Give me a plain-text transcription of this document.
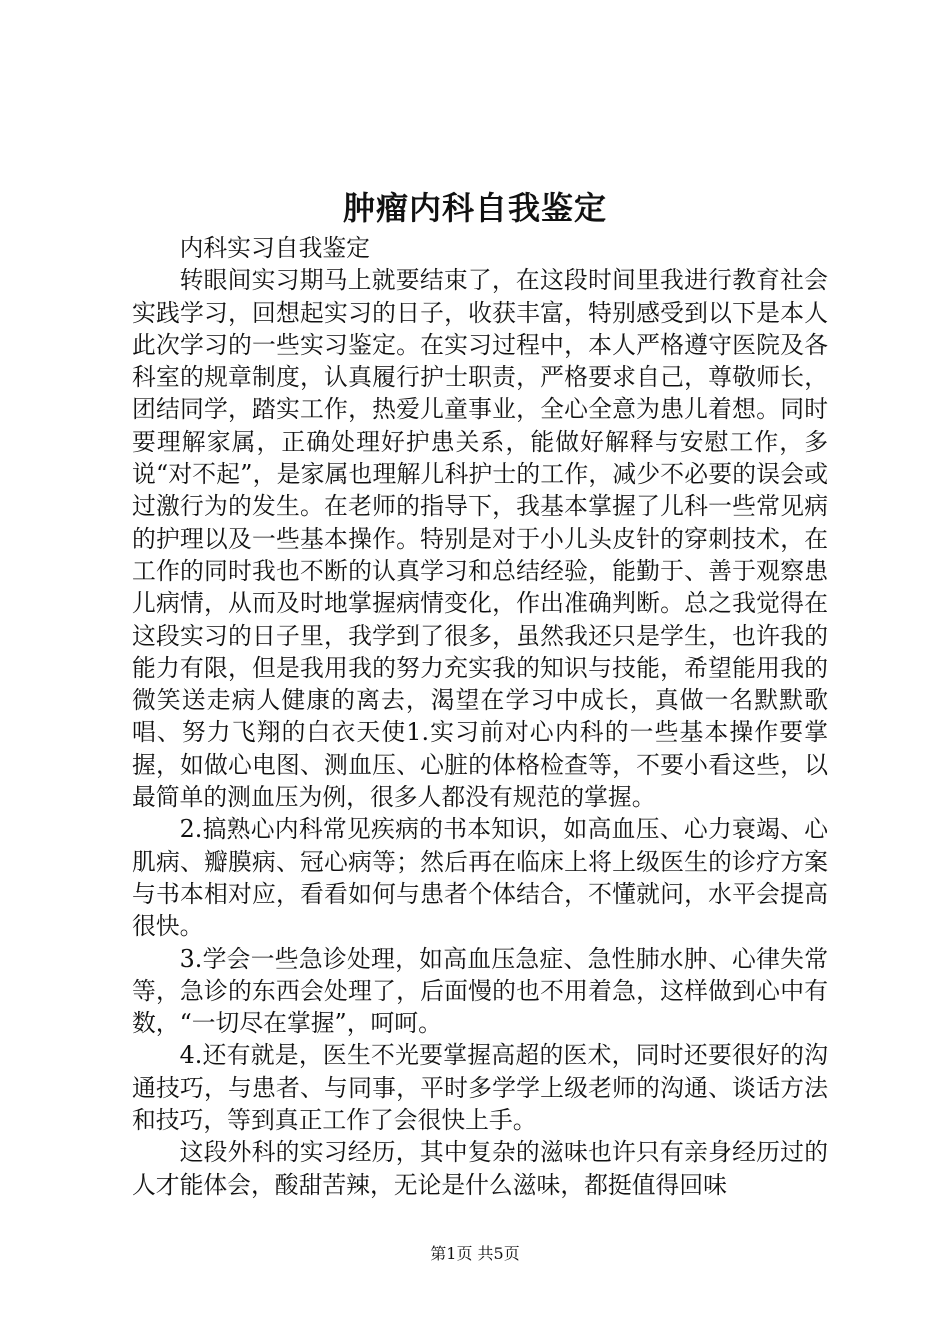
肿瘤内科自我鉴定

内科实习自我鉴定

转眼间实习期马上就要结束了，在这段时间里我进行教育社会实践学习，回想起实习的日子，收获丰富，特别感受到以下是本人此次学习的一些实习鉴定。在实习过程中，本人严格遵守医院及各科室的规章制度，认真履行护士职责，严格要求自己，尊敬师长，团结同学，踏实工作，热爱儿童事业，全心全意为患儿着想。同时要理解家属，正确处理好护患关系，能做好解释与安慰工作，多说“对不起”，是家属也理解儿科护士的工作，减少不必要的误会或过激行为的发生。在老师的指导下，我基本掌握了儿科一些常见病的护理以及一些基本操作。特别是对于小儿头皮针的穿刺技术，在工作的同时我也不断的认真学习和总结经验，能勤于、善于观察患儿病情，从而及时地掌握病情变化，作出准确判断。总之我觉得在这段实习的日子里，我学到了很多，虽然我还只是学生，也许我的能力有限，但是我用我的努力充实我的知识与技能，希望能用我的微笑送走病人健康的离去，渴望在学习中成长，真做一名默默歌唱、努力飞翔的白衣天使1.实习前对心内科的一些基本操作要掌握，如做心电图、测血压、心脏的体格检查等，不要小看这些，以最简单的测血压为例，很多人都没有规范的掌握。

2.搞熟心内科常见疾病的书本知识，如高血压、心力衰竭、心肌病、瓣膜病、冠心病等；然后再在临床上将上级医生的诊疗方案与书本相对应，看看如何与患者个体结合，不懂就问，水平会提高很快。

3.学会一些急诊处理，如高血压急症、急性肺水肿、心律失常等，急诊的东西会处理了，后面慢的也不用着急，这样做到心中有数，“一切尽在掌握”，呵呵。

4.还有就是，医生不光要掌握高超的医术，同时还要很好的沟通技巧，与患者、与同事，平时多学学上级老师的沟通、谈话方法和技巧，等到真正工作了会很快上手。

这段外科的实习经历，其中复杂的滋味也许只有亲身经历过的人才能体会，酸甜苦辣，无论是什么滋味，都挺值得回味

第1页 共5页
